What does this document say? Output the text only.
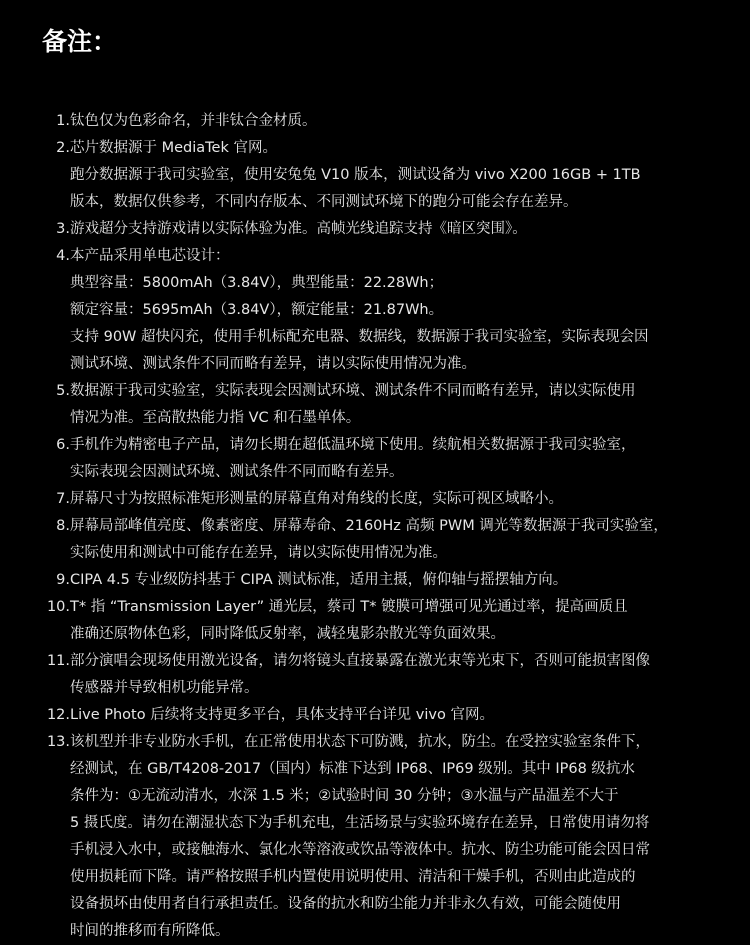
备注：
1. 钛色仅为色彩命名，并非钛合金材质。
2. 芯片数据源于 MediaTek 官网。
跑分数据源于我司实验室，使用安兔兔 V10 版本，测试设备为 vivo X200 16GB + 1TB
版本，数据仅供参考，不同内存版本、不同测试环境下的跑分可能会存在差异。
3. 游戏超分支持游戏请以实际体验为准。高帧光线追踪支持《暗区突围》。
4. 本产品采用单电芯设计：
典型容量：5800mAh（3.84V），典型能量：22.28Wh；
额定容量：5695mAh（3.84V），额定能量：21.87Wh。
支持 90W 超快闪充，使用手机标配充电器、数据线，数据源于我司实验室，实际表现会因
测试环境、测试条件不同而略有差异，请以实际使用情况为准。
5. 数据源于我司实验室，实际表现会因测试环境、测试条件不同而略有差异，请以实际使用
情况为准。至高散热能力指 VC 和石墨单体。
6. 手机作为精密电子产品，请勿长期在超低温环境下使用。续航相关数据源于我司实验室，
实际表现会因测试环境、测试条件不同而略有差异。
7. 屏幕尺寸为按照标准矩形测量的屏幕直角对角线的长度，实际可视区域略小。
8. 屏幕局部峰值亮度、像素密度、屏幕寿命、2160Hz 高频 PWM 调光等数据源于我司实验室，
实际使用和测试中可能存在差异，请以实际使用情况为准。
9. CIPA 4.5 专业级防抖基于 CIPA 测试标准，适用主摄，俯仰轴与摇摆轴方向。
10. T* 指 “Transmission Layer” 通光层，蔡司 T* 镀膜可增强可见光通过率，提高画质且
准确还原物体色彩，同时降低反射率，减轻鬼影杂散光等负面效果。
11. 部分演唱会现场使用激光设备，请勿将镜头直接暴露在激光束等光束下，否则可能损害图像
传感器并导致相机功能异常。
12. Live Photo 后续将支持更多平台，具体支持平台详见 vivo 官网。
13. 该机型并非专业防水手机，在正常使用状态下可防溅，抗水，防尘。在受控实验室条件下，
经测试，在 GB/T4208-2017（国内）标准下达到 IP68、IP69 级别。其中 IP68 级抗水
条件为：①无流动清水，水深 1.5 米；②试验时间 30 分钟；③水温与产品温差不大于
5 摄氏度。请勿在潮湿状态下为手机充电，生活场景与实验环境存在差异，日常使用请勿将
手机浸入水中，或接触海水、氯化水等溶液或饮品等液体中。抗水、防尘功能可能会因日常
使用损耗而下降。请严格按照手机内置使用说明使用、清洁和干燥手机，否则由此造成的
设备损坏由使用者自行承担责任。设备的抗水和防尘能力并非永久有效，可能会随使用
时间的推移而有所降低。
